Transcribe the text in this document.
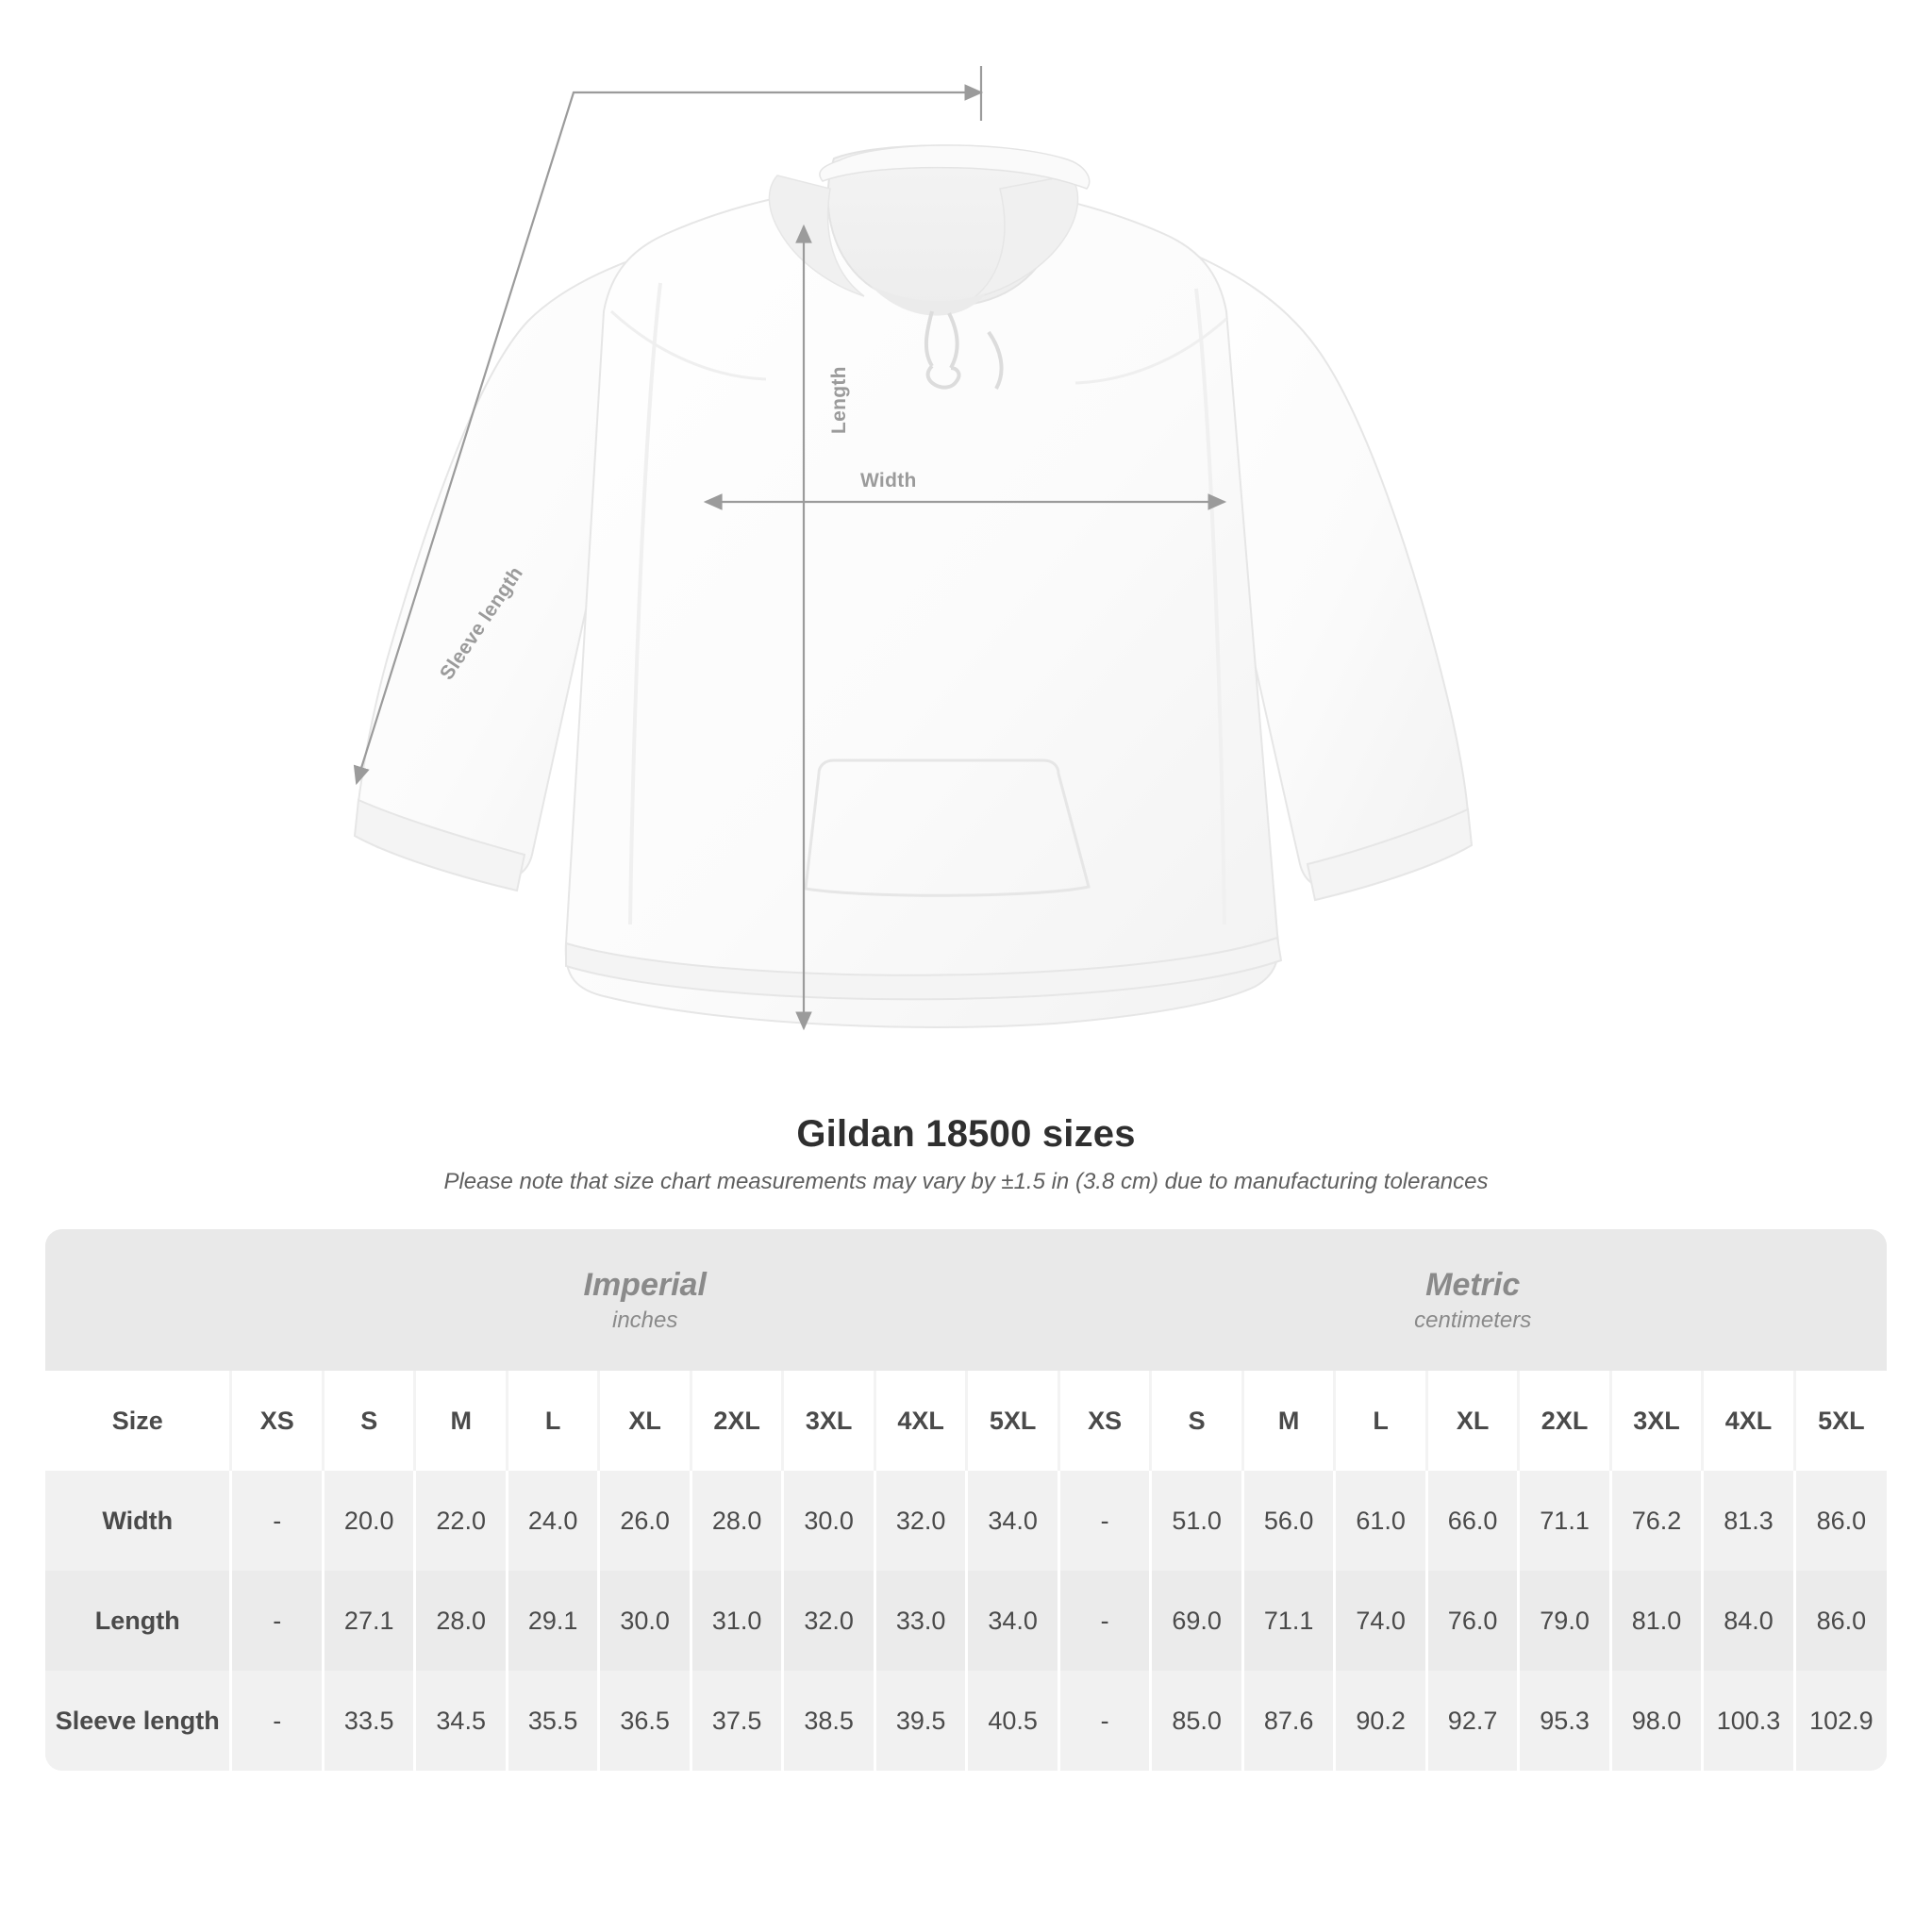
Length
Width
Sleeve length
Gildan 18500 sizes
Please note that size chart measurements may vary by ±1.5 in (3.8 cm) due to manufacturing tolerances

Imperial
inches

Metric
centimeters

Size	XS	S	M	L	XL	2XL	3XL	4XL	5XL	XS	S	M	L	XL	2XL	3XL	4XL	5XL
Width	-	20.0	22.0	24.0	26.0	28.0	30.0	32.0	34.0	-	51.0	56.0	61.0	66.0	71.1	76.2	81.3	86.0
Length	-	27.1	28.0	29.1	30.0	31.0	32.0	33.0	34.0	-	69.0	71.1	74.0	76.0	79.0	81.0	84.0	86.0
Sleeve length	-	33.5	34.5	35.5	36.5	37.5	38.5	39.5	40.5	-	85.0	87.6	90.2	92.7	95.3	98.0	100.3	102.9
